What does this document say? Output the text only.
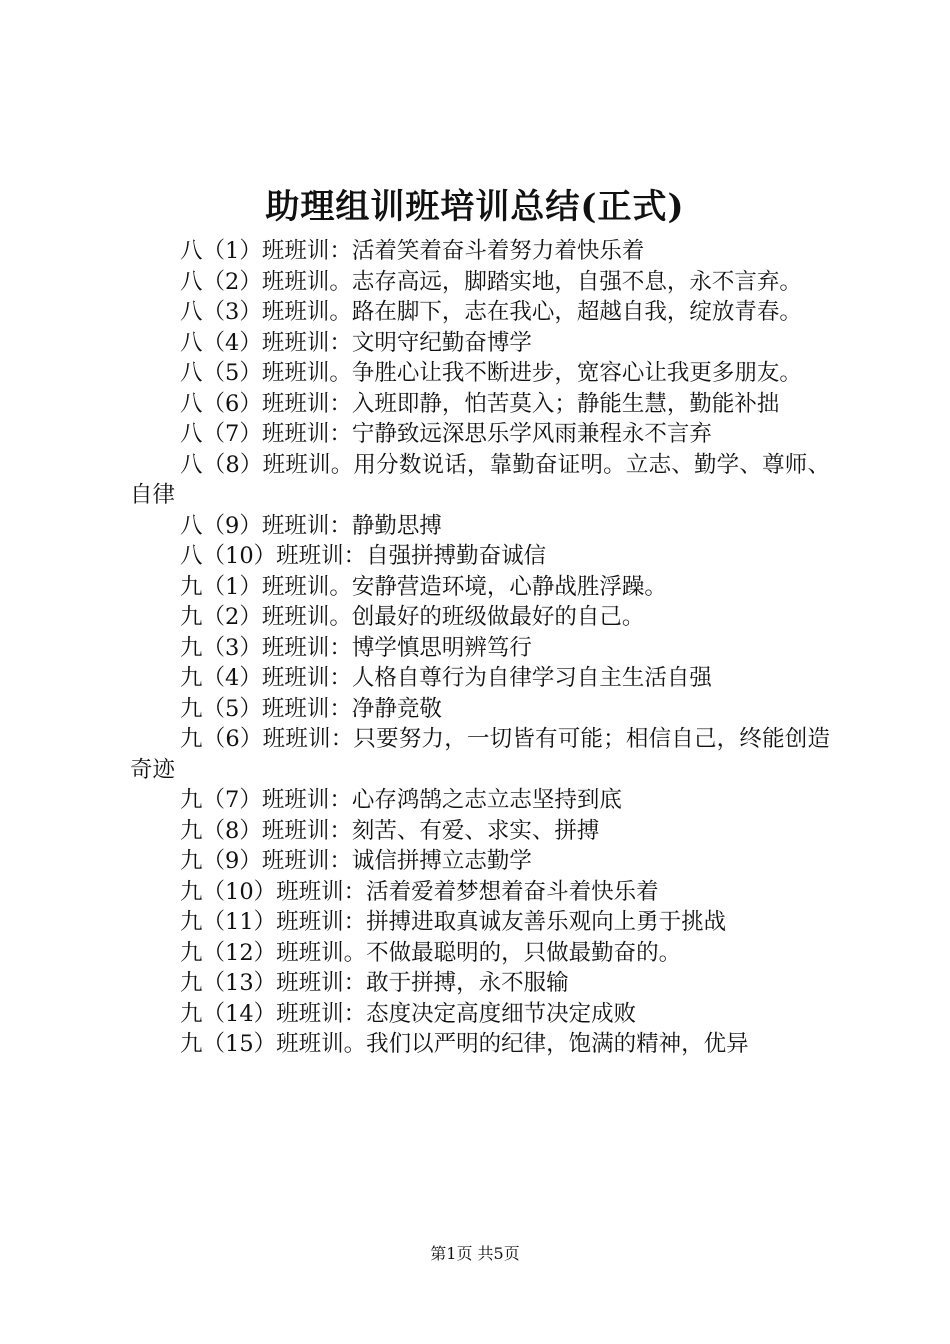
助理组训班培训总结(正式)

八（1）班班训：活着笑着奋斗着努力着快乐着

八（2）班班训。志存高远，脚踏实地，自强不息，永不言弃。

八（3）班班训。路在脚下，志在我心，超越自我，绽放青春。

八（4）班班训：文明守纪勤奋博学

八（5）班班训。争胜心让我不断进步，宽容心让我更多朋友。

八（6）班班训：入班即静，怕苦莫入；静能生慧，勤能补拙

八（7）班班训：宁静致远深思乐学风雨兼程永不言弃

八（8）班班训。用分数说话，靠勤奋证明。立志、勤学、尊师、自律

八（9）班班训：静勤思搏

八（10）班班训：自强拼搏勤奋诚信

九（1）班班训。安静营造环境，心静战胜浮躁。

九（2）班班训。创最好的班级做最好的自己。

九（3）班班训：博学慎思明辨笃行

九（4）班班训：人格自尊行为自律学习自主生活自强

九（5）班班训：净静竞敬

九（6）班班训：只要努力，一切皆有可能；相信自己，终能创造奇迹

九（7）班班训：心存鸿鹄之志立志坚持到底

九（8）班班训：刻苦、有爱、求实、拼搏

九（9）班班训：诚信拼搏立志勤学

九（10）班班训：活着爱着梦想着奋斗着快乐着

九（11）班班训：拼搏进取真诚友善乐观向上勇于挑战

九（12）班班训。不做最聪明的，只做最勤奋的。

九（13）班班训：敢于拼搏，永不服输

九（14）班班训：态度决定高度细节决定成败

九（15）班班训。我们以严明的纪律，饱满的精神，优异

第1页 共5页
